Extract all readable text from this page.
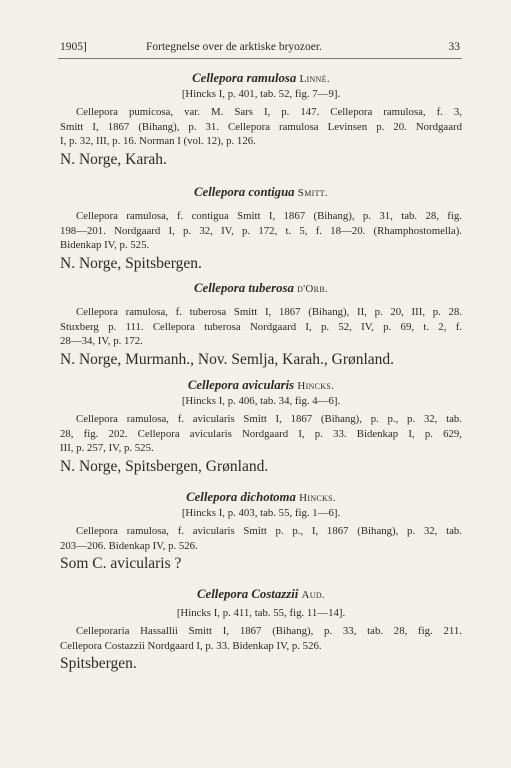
1905]	Fortegnelse over de arktiske bryozoer.	33
Cellepora ramulosa Linné.
[Hincks I, p. 401, tab. 52, fig. 7—9].
Cellepora pumicosa, var. M. Sars I, p. 147. Cellepora ramulosa, f. 3,
Smitt I, 1867 (Bihang), p. 31. Cellepora ramulosa Levinsen p. 20. Nordgaard
I, p. 32, III, p. 16. Norman I (vol. 12), p. 126.
N. Norge, Karah.
Cellepora contigua Smitt.
Cellepora ramulosa, f. contigua Smitt I, 1867 (Bihang), p. 31, tab. 28, fig.
198—201. Nordgaard I, p. 32, IV, p. 172, t. 5, f. 18—20. (Rhamphostomella).
Bidenkap IV, p. 525.
N. Norge, Spitsbergen.
Cellepora tuberosa d'Orb.
Cellepora ramulosa, f. tuberosa Smitt I, 1867 (Bihang), II, p. 20, III, p. 28.
Stuxberg p. 111. Cellepora tuberosa Nordgaard I, p. 52, IV, p. 69, t. 2, f.
28—34, IV, p. 172.
N. Norge, Murmanh., Nov. Semlja, Karah., Grønland.
Cellepora avicularis Hincks.
[Hincks I, p. 406, tab. 34, fig. 4—6].
Cellepora ramulosa, f. avicularis Smitt I, 1867 (Bihang), p. p., p. 32, tab.
28, fig. 202. Cellepora avicularis Nordgaard I, p. 33. Bidenkap I, p. 629,
III, p. 257, IV, p. 525.
N. Norge, Spitsbergen, Grønland.
Cellepora dichotoma Hincks.
[Hincks I, p. 403, tab. 55, fig. 1—6].
Cellepora ramulosa, f. avicularis Smitt p. p., I, 1867 (Bihang), p. 32, tab.
203—206. Bidenkap IV, p. 526.
Som C. avicularis ?
Cellepora Costazzii Aud.
[Hincks I, p. 411, tab. 55, fig. 11—14].
Celleporaria Hassallii Smitt I, 1867 (Bihang), p. 33, tab. 28, fig. 211.
Cellepora Costazzii Nordgaard I, p. 33. Bidenkap IV, p. 526.
Spitsbergen.
